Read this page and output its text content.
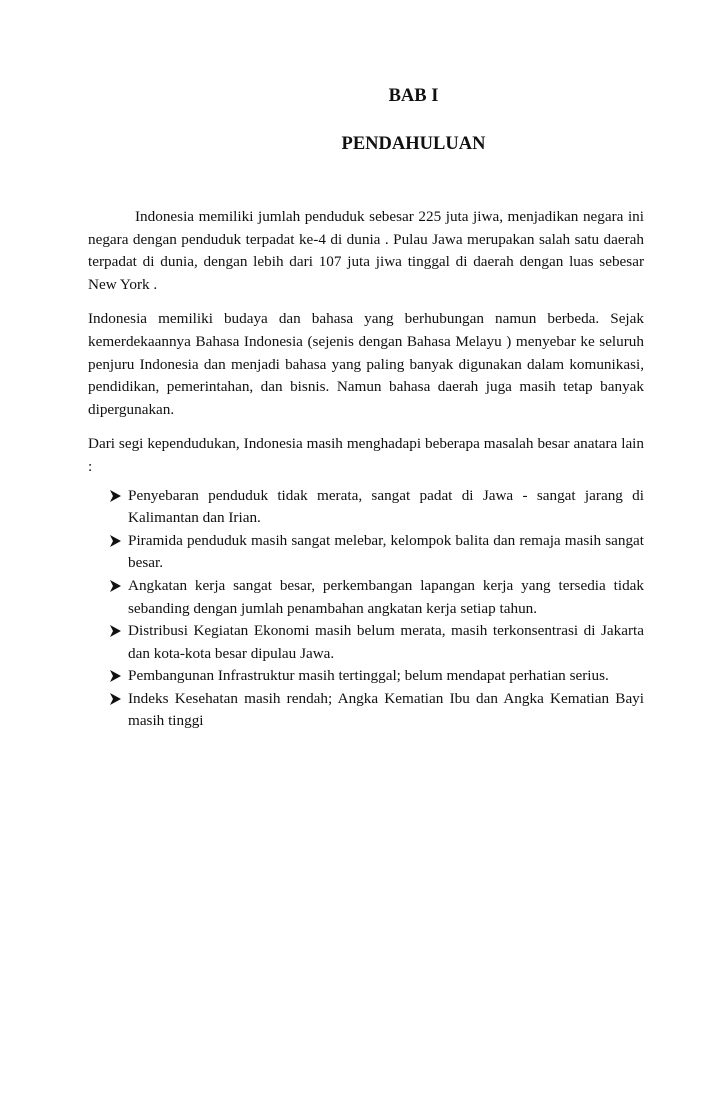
BAB I
PENDAHULUAN

Indonesia memiliki jumlah penduduk sebesar 225 juta jiwa, menjadikan negara ini negara dengan penduduk terpadat ke-4 di dunia . Pulau Jawa merupakan salah satu daerah terpadat di dunia, dengan lebih dari 107 juta jiwa tinggal di daerah dengan luas sebesar New York .

Indonesia memiliki budaya dan bahasa yang berhubungan namun berbeda. Sejak kemerdekaannya Bahasa Indonesia (sejenis dengan Bahasa Melayu ) menyebar ke seluruh penjuru Indonesia dan menjadi bahasa yang paling banyak digunakan dalam komunikasi, pendidikan, pemerintahan, dan bisnis. Namun bahasa daerah juga masih tetap banyak dipergunakan.

Dari segi kependudukan, Indonesia masih menghadapi beberapa masalah besar anatara lain :

Penyebaran penduduk tidak merata, sangat padat di Jawa - sangat jarang di Kalimantan dan Irian.
Piramida penduduk masih sangat melebar, kelompok balita dan remaja masih sangat besar.
Angkatan kerja sangat besar, perkembangan lapangan kerja yang tersedia tidak sebanding dengan jumlah penambahan angkatan kerja setiap tahun.
Distribusi Kegiatan Ekonomi masih belum merata, masih terkonsentrasi di Jakarta dan kota-kota besar dipulau Jawa.
Pembangunan Infrastruktur masih tertinggal; belum mendapat perhatian serius.
Indeks Kesehatan masih rendah; Angka Kematian Ibu dan Angka Kematian Bayi masih tinggi
